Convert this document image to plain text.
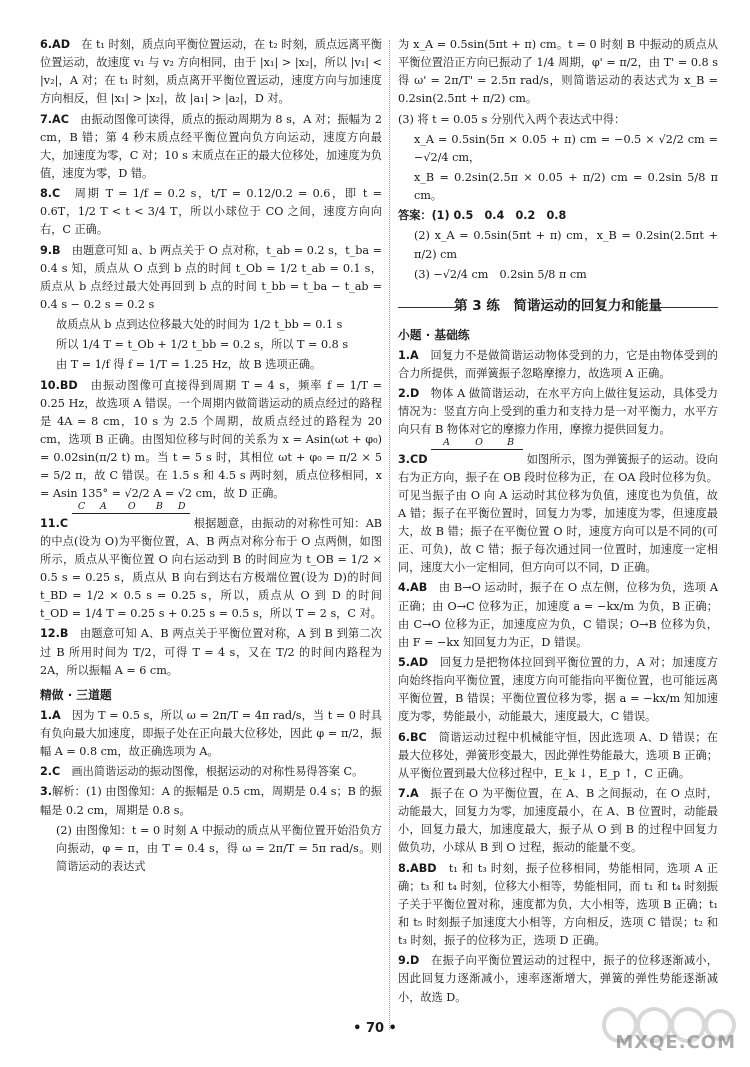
6.AD　 在 t₁ 时刻，质点向平衡位置运动，在 t₂ 时刻，质点远离平衡位置运动，故速度 v₁ 与 v₂ 方向相同，由于 |x₁| > |x₂|，所以 |v₁| < |v₂|，A 对；在 t₁ 时刻，质点离开平衡位置运动，速度方向与加速度方向相反，但 |x₁| > |x₂|，故 |a₁| > |a₂|，D 对。

7.AC　 由振动图像可读得，质点的振动周期为 8 s，A 对；振幅为 2 cm，B 错；第 4 秒末质点经平衡位置向负方向运动，速度方向最大，加速度为零，C 对；10 s 末质点在正的最大位移处，加速度为负值，速度为零，D 错。

8.C　 周期 T = 1/f = 0.2 s，t/T = 0.12/0.2 = 0.6，即 t = 0.6T，1/2 T < t < 3/4 T，所以小球位于 CO 之间，速度方向向右，C 正确。

9.B　 由题意可知 a、b 两点关于 O 点对称，t_ab = 0.2 s，t_ba = 0.4 s 知，质点从 O 点到 b 点的时间 t_Ob = 1/2 t_ab = 0.1 s，质点从 b 点经过最大处再回到 b 点的时间 t_bb = t_ba − t_ab = 0.4 s − 0.2 s = 0.2 s

故质点从 b 点到达位移最大处的时间为 1/2 t_bb = 0.1 s

所以 1/4 T = t_Ob + 1/2 t_bb = 0.2 s，所以 T = 0.8 s

由 T = 1/f 得 f = 1/T = 1.25 Hz，故 B 选项正确。

10.BD　 由振动图像可直接得到周期 T = 4 s，频率 f = 1/T = 0.25 Hz，故选项 A 错误。一个周期内做简谐运动的质点经过的路程是 4A = 8 cm，10 s 为 2.5 个周期，故质点经过的路程为 20 cm，选项 B 正确。由图知位移与时间的关系为 x = Asin(ωt + φ₀) = 0.02sin(π/2 t) m。当 t = 5 s 时，其相位 ωt + φ₀ = π/2 × 5 = 5/2 π，故 C 错误。在 1.5 s 和 4.5 s 两时刻，质点位移相同，x = Asin 135° = √2/2 A = √2 cm，故 D 正确。

11.C
C A O B D
根据题意，由振动的对称性可知：AB 的中点(设为 O)为平衡位置，A、B 两点对称分布于 O 点两侧，如图所示，质点从平衡位置 O 向右运动到 B 的时间应为 t_OB = 1/2 × 0.5 s = 0.25 s，质点从 B 向右到达右方极端位置(设为 D)的时间 t_BD = 1/2 × 0.5 s = 0.25 s，所以，质点从 O 到 D 的时间 t_OD = 1/4 T = 0.25 s + 0.25 s = 0.5 s，所以 T = 2 s，C 对。

12.B　 由题意可知 A、B 两点关于平衡位置对称，A 到 B 到第二次过 B 所用时间为 T/2，可得 T = 4 s，又在 T/2 的时间内路程为 2A，所以振幅 A = 6 cm。

精做 · 三道题

1.A　 因为 T = 0.5 s，所以 ω = 2π/T = 4π rad/s，当 t = 0 时具有负向最大加速度，即振子处在正向最大位移处，因此 φ = π/2，振幅 A = 0.8 cm，故正确选项为 A。

2.C　 画出简谐运动的振动图像，根据运动的对称性易得答案 C。

3.解析：(1) 由图像知：A 的振幅是 0.5 cm，周期是 0.4 s；B 的振幅是 0.2 cm，周期是 0.8 s。

(2) 由图像知：t = 0 时刻 A 中振动的质点从平衡位置开始沿负方向振动，φ = π，由 T = 0.4 s，得 ω = 2π/T = 5π rad/s。则简谐运动的表达式

为 x_A = 0.5sin(5πt + π) cm。t = 0 时刻 B 中振动的质点从平衡位置沿正方向已振动了 1/4 周期，φ' = π/2，由 T' = 0.8 s 得 ω' = 2π/T' = 2.5π rad/s，则简谐运动的表达式为 x_B = 0.2sin(2.5πt + π/2) cm。

(3) 将 t = 0.05 s 分别代入两个表达式中得：

x_A = 0.5sin(5π × 0.05 + π) cm = −0.5 × √2/2 cm = −√2/4 cm，

x_B = 0.2sin(2.5π × 0.05 + π/2) cm = 0.2sin 5/8 π cm。

答案：(1) 0.5　0.4　0.2　0.8

(2) x_A = 0.5sin(5πt + π) cm，x_B = 0.2sin(2.5πt + π/2) cm

(3) −√2/4 cm　0.2sin 5/8 π cm

第 3 练　简谐运动的回复力和能量
小题 · 基础练

1.A　 回复力不是做简谐运动物体受到的力，它是由物体受到的合力所提供，而弹簧振子忽略摩擦力，故选项 A 正确。

2.D　 物体 A 做简谐运动，在水平方向上做往复运动，具体受力情况为：竖直方向上受到的重力和支持力是一对平衡力，水平方向只有 B 物体对它的摩擦力作用，摩擦力提供回复力。

3.CD
A	O	B
如图所示，图为弹簧振子的运动。设向右为正方向，振子在 OB 段时位移为正，在 OA 段时位移为负。可见当振子由 O 向 A 运动时其位移为负值，速度也为负值，故 A 错；振子在平衡位置时，回复力为零，加速度为零，但速度最大，故 B 错；振子在平衡位置 O 时，速度方向可以是不同的(可正、可负)，故 C 错；振子每次通过同一位置时，加速度一定相同，速度大小一定相同，但方向可以不同，D 正确。

4.AB　 由 B→O 运动时，振子在 O 点左侧，位移为负，选项 A 正确；由 O→C 位移为正，加速度 a = −kx/m 为负，B 正确；由 C→O 位移为正，加速度应为负，C 错误；O→B 位移为负，由 F = −kx 知回复力为正，D 错误。

5.AD　 回复力是把物体拉回到平衡位置的力，A 对；加速度方向始终指向平衡位置，速度方向可能指向平衡位置，也可能远离平衡位置，B 错误；平衡位置位移为零，据 a = −kx/m 知加速度为零，势能最小，动能最大，速度最大，C 错误。

6.BC　 简谐运动过程中机械能守恒，因此选项 A、D 错误；在最大位移处，弹簧形变最大，因此弹性势能最大，选项 B 正确；从平衡位置到最大位移过程中，E_k ↓，E_p ↑，C 正确。

7.A　 振子在 O 为平衡位置，在 A、B 之间振动，在 O 点时，动能最大，回复力为零，加速度最小，在 A、B 位置时，动能最小，回复力最大，加速度最大，振子从 O 到 B 的过程中回复力做负功，小球从 B 到 O 过程，振动的能量不变。

8.ABD　 t₁ 和 t₃ 时刻，振子位移相同，势能相同，选项 A 正确；t₃ 和 t₄ 时刻，位移大小相等，势能相同，而 t₁ 和 t₄ 时刻振子关于平衡位置对称，速度都为负，大小相等，选项 B 正确；t₁ 和 t₅ 时刻振子加速度大小相等，方向相反，选项 C 错误；t₂ 和 t₃ 时刻，振子的位移为正，选项 D 正确。

9.D　 在振子向平衡位置运动的过程中，振子的位移逐渐减小，因此回复力逐渐减小，速率逐渐增大，弹簧的弹性势能逐渐减小，故选 D。

• 70 •
MXQE.COM
